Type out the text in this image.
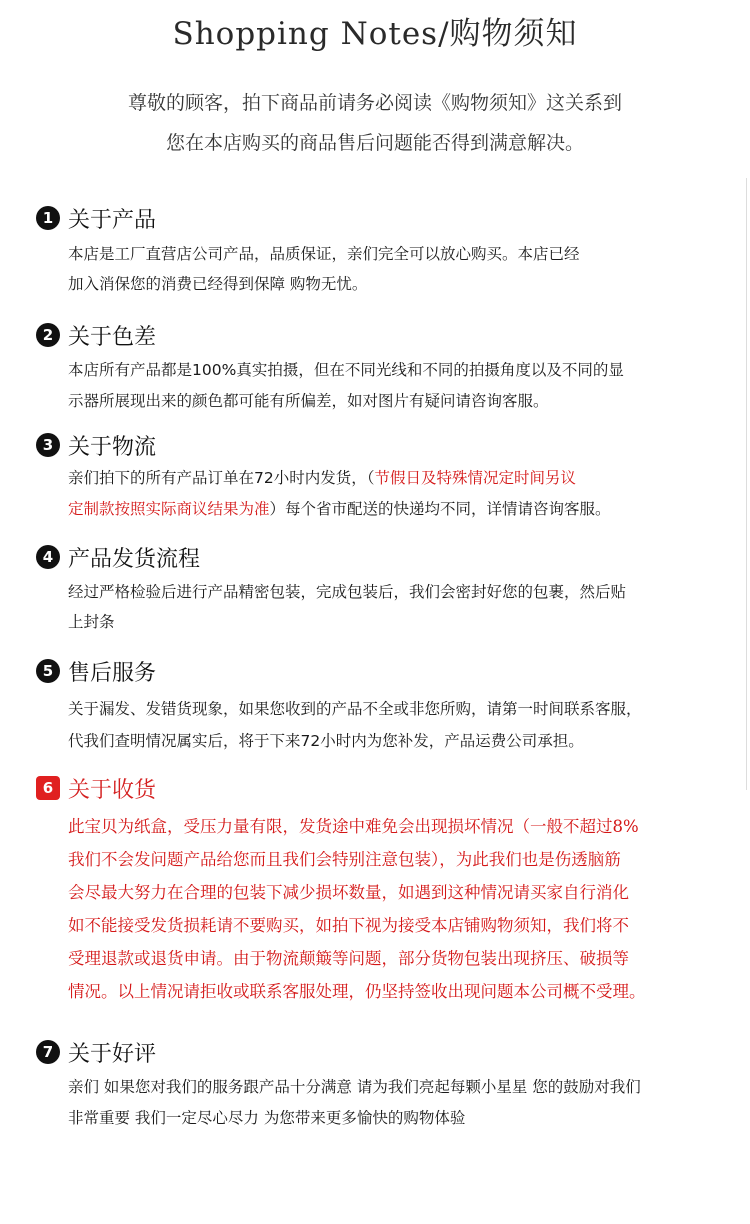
Shopping Notes/购物须知
尊敬的顾客，拍下商品前请务必阅读《购物须知》这关系到
您在本店购买的商品售后问题能否得到满意解决。
1 关于产品
本店是工厂直营店公司产品，品质保证，亲们完全可以放心购买。本店已经
加入消保您的消费已经得到保障 购物无忧。
2 关于色差
本店所有产品都是100%真实拍摄，但在不同光线和不同的拍摄角度以及不同的显
示器所展现出来的颜色都可能有所偏差，如对图片有疑问请咨询客服。
3 关于物流
亲们拍下的所有产品订单在72小时内发货，（节假日及特殊情况定时间另议
定制款按照实际商议结果为准）每个省市配送的快递均不同，详情请咨询客服。
4 产品发货流程
经过严格检验后进行产品精密包装，完成包装后，我们会密封好您的包裹，然后贴
上封条
5 售后服务
关于漏发、发错货现象，如果您收到的产品不全或非您所购，请第一时间联系客服，
代我们查明情况属实后，将于下来72小时内为您补发，产品运费公司承担。
6 关于收货
此宝贝为纸盒，受压力量有限，发货途中难免会出现损坏情况（一般不超过8%
我们不会发问题产品给您而且我们会特别注意包装），为此我们也是伤透脑筋
会尽最大努力在合理的包装下减少损坏数量，如遇到这种情况请买家自行消化
如不能接受发货损耗请不要购买，如拍下视为接受本店铺购物须知，我们将不
受理退款或退货申请。由于物流颠簸等问题，部分货物包装出现挤压、破损等
情况。以上情况请拒收或联系客服处理，仍坚持签收出现问题本公司概不受理。
7 关于好评
亲们 如果您对我们的服务跟产品十分满意 请为我们亮起每颗小星星 您的鼓励对我们
非常重要 我们一定尽心尽力 为您带来更多愉快的购物体验
